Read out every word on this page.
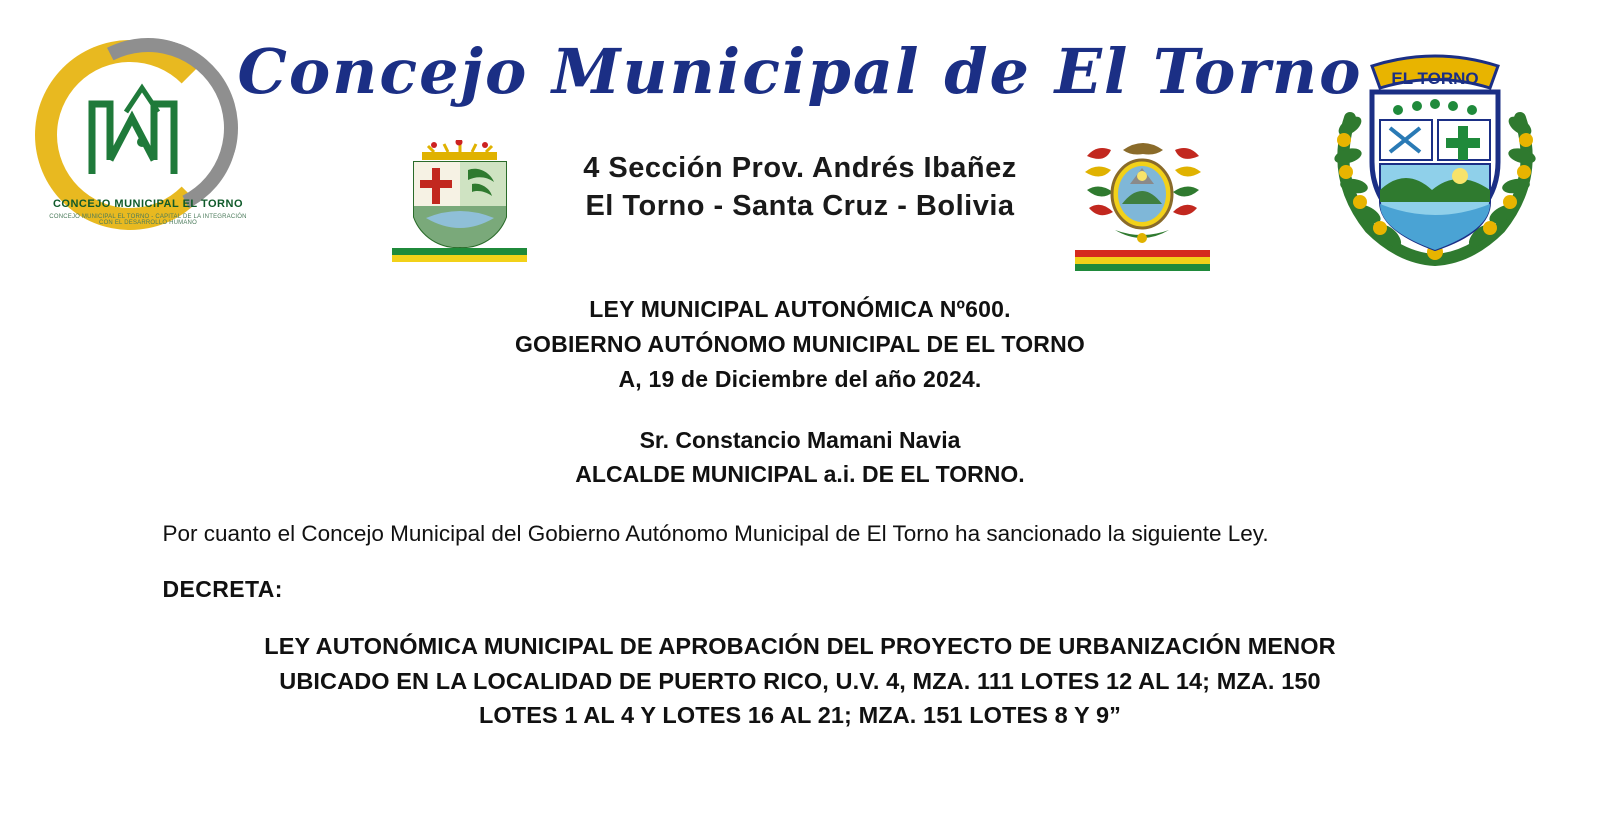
CONCEJO MUNICIPAL EL TORNO
CONCEJO MUNICIPAL EL TORNO - CAPITAL DE LA INTEGRACIÓN CON EL DESARROLLO HUMANO
Concejo Municipal de El Torno
4 Sección Prov. Andrés Ibañez
El Torno - Santa Cruz - Bolivia
EL TORNO
LEY MUNICIPAL AUTONÓMICA Nº600.
GOBIERNO AUTÓNOMO MUNICIPAL DE EL TORNO
A, 19 de Diciembre del año 2024.
Sr. Constancio Mamani Navia
ALCALDE MUNICIPAL a.i. DE EL TORNO.
Por cuanto el Concejo Municipal del Gobierno Autónomo Municipal de El Torno ha sancionado la siguiente Ley.
DECRETA:
LEY AUTONÓMICA MUNICIPAL DE APROBACIÓN DEL PROYECTO DE URBANIZACIÓN MENOR
UBICADO EN LA LOCALIDAD DE PUERTO RICO, U.V. 4, MZA. 111 LOTES 12 AL 14; MZA. 150
LOTES 1 AL 4 Y LOTES 16 AL 21; MZA. 151 LOTES 8 Y 9”
